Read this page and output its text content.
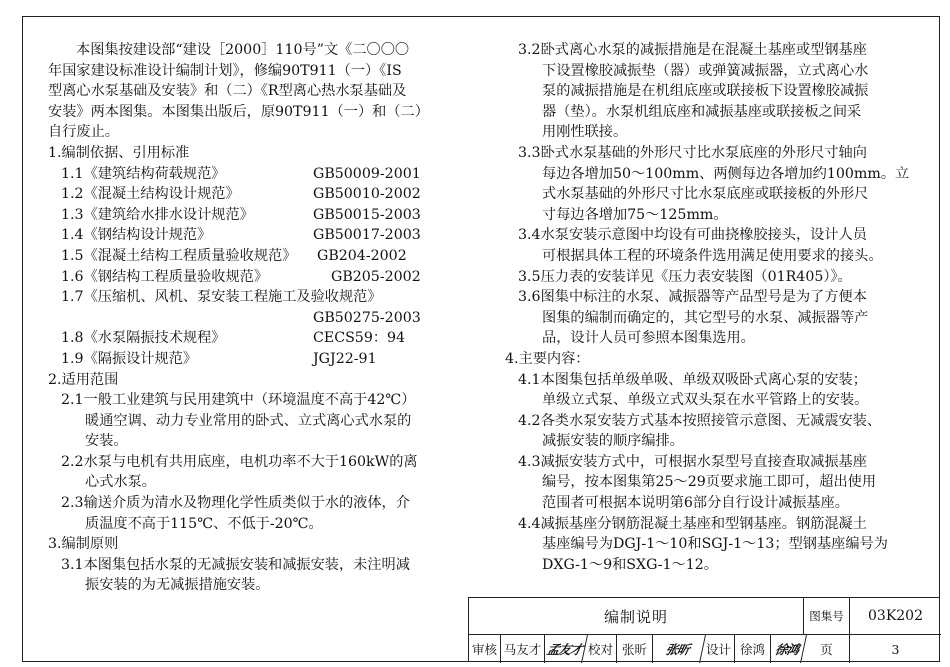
本图集按建设部“建设［2000］110号”文《二〇〇〇

年国家建设标准设计编制计划》，修编90T911（一）《IS

型离心水泵基础及安装》和（二）《R型离心热水泵基础及

安装》两本图集。本图集出版后，原90T911（一）和（二）

自行废止。

1.编制依据、引用标准

1.1《建筑结构荷载规范》	GB50009-2001
1.2《混凝土结构设计规范》	GB50010-2002
1.3《建筑给水排水设计规范》	GB50015-2003
1.4《钢结构设计规范》	GB50017-2003
1.5《混凝土结构工程质量验收规范》	GB204-2002
1.6《钢结构工程质量验收规范》	GB205-2002

1.7《压缩机、风机、泵安装工程施工及验收规范》

GB50275-2003

1.8《水泵隔振技术规程》	CECS59：94
1.9《隔振设计规范》	JGJ22-91

2.适用范围

2.1一般工业建筑与民用建筑中（环境温度不高于42℃）

暖通空调、动力专业常用的卧式、立式离心式水泵的

安装。

2.2水泵与电机有共用底座，电机功率不大于160kW的离

心式水泵。

2.3输送介质为清水及物理化学性质类似于水的液体，介

质温度不高于115℃、不低于-20℃。

3.编制原则

3.1本图集包括水泵的无减振安装和减振安装，未注明减

振安装的为无减振措施安装。

3.2卧式离心水泵的减振措施是在混凝土基座或型钢基座

下设置橡胶减振垫（器）或弹簧减振器，立式离心水

泵的减振措施是在机组底座或联接板下设置橡胶减振

器（垫）。水泵机组底座和减振基座或联接板之间采

用刚性联接。

3.3卧式水泵基础的外形尺寸比水泵底座的外形尺寸轴向

每边各增加50～100mm、两侧每边各增加约100mm。立

式水泵基础的外形尺寸比水泵底座或联接板的外形尺

寸每边各增加75～125mm。

3.4水泵安装示意图中均设有可曲挠橡胶接头，设计人员

可根据具体工程的环境条件选用满足使用要求的接头。

3.5压力表的安装详见《压力表安装图（01R405）》。

3.6图集中标注的水泵、减振器等产品型号是为了方便本

图集的编制而确定的，其它型号的水泵、减振器等产

品，设计人员可参照本图集选用。

4.主要内容：

4.1本图集包括单级单吸、单级双吸卧式离心泵的安装；

单级立式泵、单级立式双头泵在水平管路上的安装。

4.2各类水泵安装方式基本按照接管示意图、无减震安装、

减振安装的顺序编排。

4.3减振安装方式中，可根据水泵型号直接查取减振基座

编号，按本图集第25～29页要求施工即可，超出使用

范围者可根据本说明第6部分自行设计减振基座。

4.4减振基座分钢筋混凝土基座和型钢基座。钢筋混凝土

基座编号为DGJ-1～10和SGJ-1～13；型钢基座编号为

DXG-1～9和SXG-1～12。

编制说明	图集号	03K202
审核 马友才 孟友才 校对 张昕	张昕	设计 徐鸿 徐鸿	页	3
